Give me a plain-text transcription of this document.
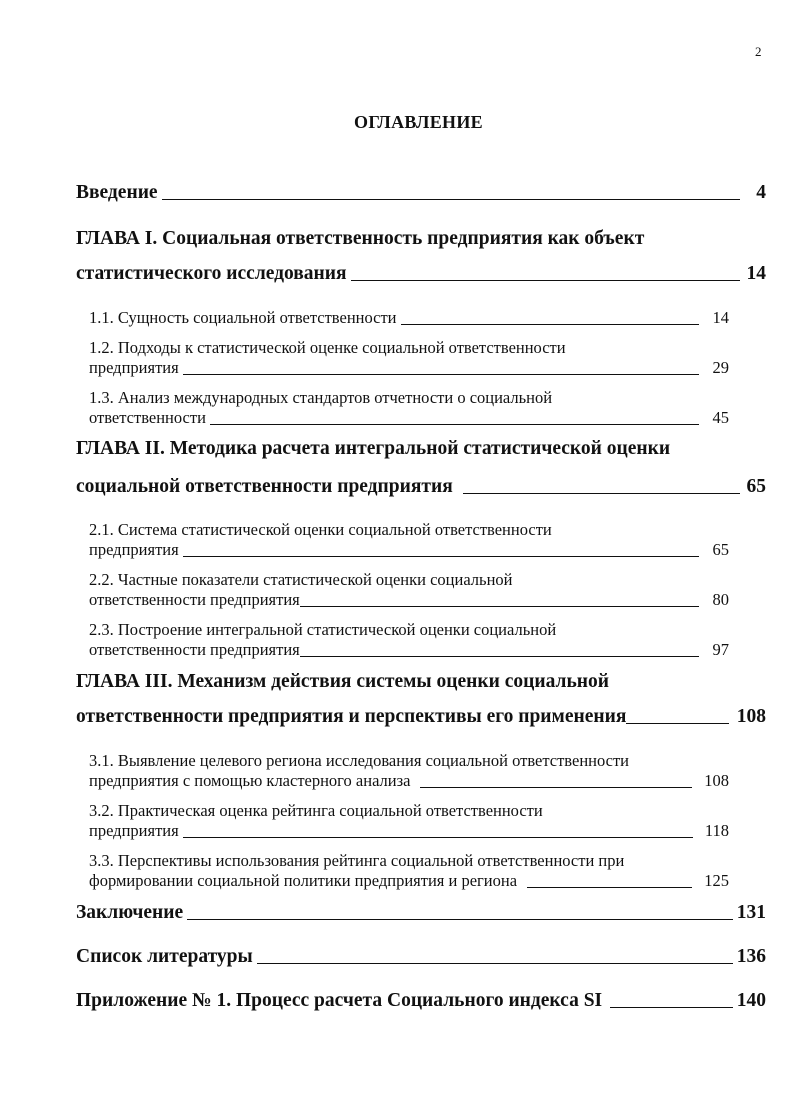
2
ОГЛАВЛЕНИЕ
Введение	4
ГЛАВА I. Социальная ответственность предприятия как объект
статистического исследования	14
1.1. Сущность социальной ответственности	14
1.2. Подходы к статистической оценке социальной ответственности
предприятия	29
1.3. Анализ международных стандартов отчетности о социальной
ответственности	45
ГЛАВА II. Методика расчета интегральной статистической оценки
социальной ответственности предприятия	65
2.1. Система статистической оценки социальной ответственности
предприятия	65
2.2. Частные показатели статистической оценки социальной
ответственности предприятия	80
2.3. Построение интегральной статистической оценки социальной
ответственности предприятия	97
ГЛАВА III. Механизм действия системы оценки социальной
ответственности предприятия и перспективы его применения	108
3.1. Выявление целевого региона исследования социальной ответственности
предприятия с помощью кластерного анализа	108
3.2. Практическая оценка рейтинга социальной ответственности
предприятия	118
3.3. Перспективы использования рейтинга социальной ответственности при
формировании социальной политики предприятия и региона	125
Заключение	131
Список литературы	136
Приложение № 1. Процесс расчета Социального индекса SI	140
